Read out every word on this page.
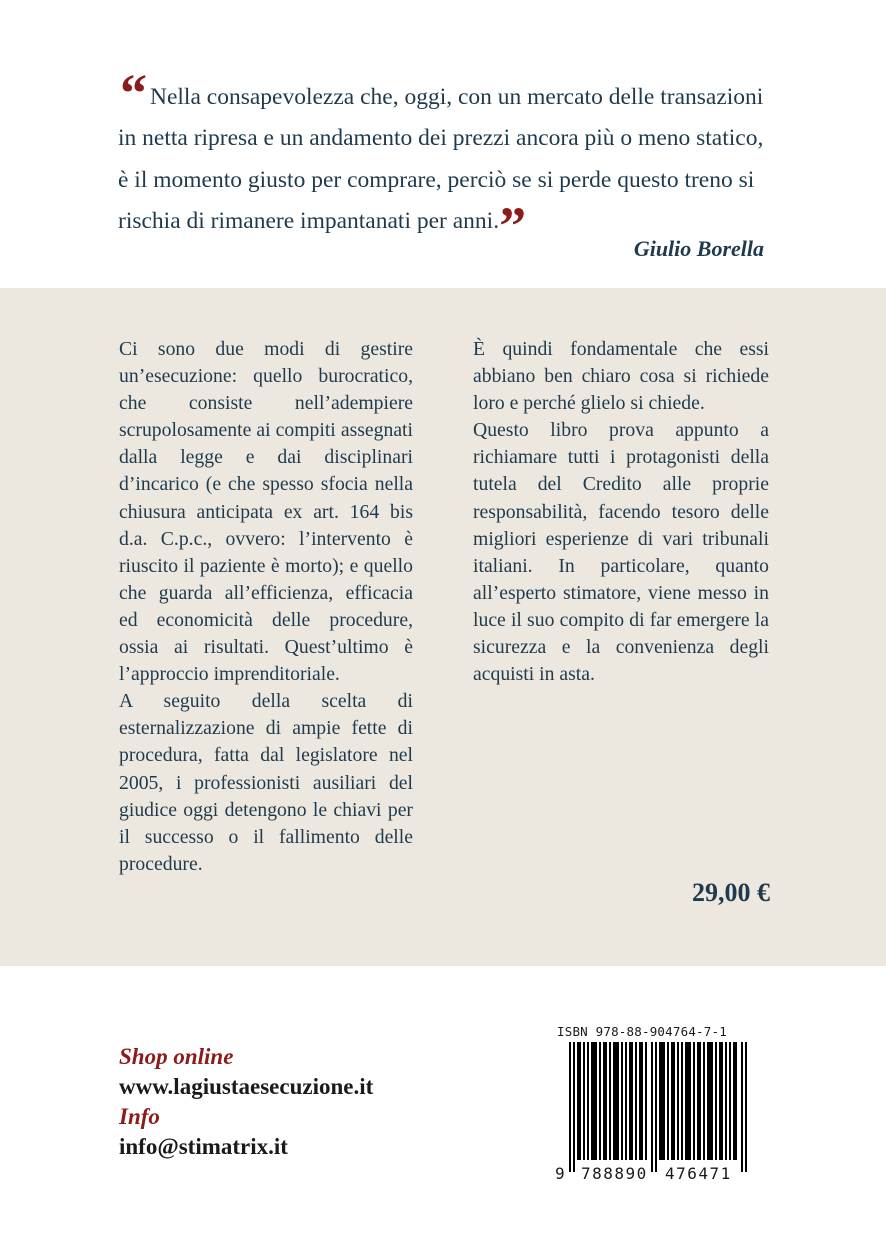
“ Nella consapevolezza che, oggi, con un mercato delle transazioni
in netta ripresa e un andamento dei prezzi ancora più o meno statico,
è il momento giusto per comprare, perciò se si perde questo treno si
rischia di rimanere impantanati per anni.”	Giulio Borella

Ci sono due modi di gestire un’esecuzione: quello burocratico, che consiste nell’adempiere scrupolosamente ai compiti assegnati dalla legge e dai disciplinari d’incarico (e che spesso sfocia nella chiusura anticipata ex art. 164 bis d.a. C.p.c., ovvero: l’intervento è riuscito il paziente è morto); e quello che guarda all’efficienza, efficacia ed economicità delle procedure, ossia ai risultati. Quest’ultimo è l’approccio imprenditoriale.

A seguito della scelta di esternalizzazione di ampie fette di procedura, fatta dal legislatore nel 2005, i professionisti ausiliari del giudice oggi detengono le chiavi per il successo o il fallimento delle procedure.

È quindi fondamentale che essi abbiano ben chiaro cosa si richiede loro e perché glielo si chiede.

Questo libro prova appunto a richiamare tutti i protagonisti della tutela del Credito alle proprie responsabilità, facendo tesoro delle migliori esperienze di vari tribunali italiani. In particolare, quanto all’esperto stimatore, viene messo in luce il suo compito di far emergere la sicurezza e la convenienza degli acquisti in asta.

29,00 €
Shop online
www.lagiustaesecuzione.it
Info
info@stimatrix.it
ISBN 978-88-904764-7-1
9 788890 476471
